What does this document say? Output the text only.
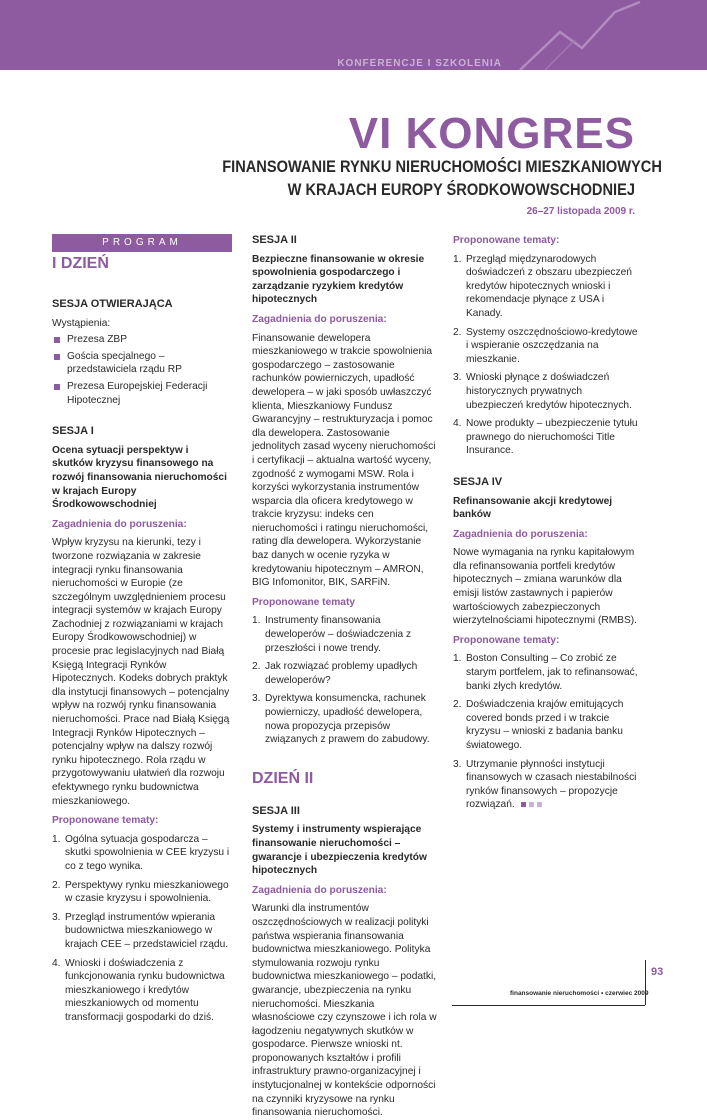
KONFERENCJE I SZKOLENIA
VI KONGRES
FINANSOWANIE RYNKU NIERUCHOMOŚCI MIESZKANIOWYCH
W KRAJACH EUROPY ŚRODKOWOWSCHODNIEJ
26–27 listopada 2009 r.
PROGRAM
I DZIEŃ
SESJA OTWIERAJĄCA

Wystąpienia:

Prezesa ZBP
Gościa specjalnego – przedstawiciela rządu RP
Prezesa Europejskiej Federacji Hipotecznej
SESJA I
Ocena sytuacji perspektyw i skutków kryzysu finansowego na rozwój finansowania nieruchomości w krajach Europy Środkowowschodniej
Zagadnienia do poruszenia:

Wpływ kryzysu na kierunki, tezy i tworzone rozwiązania w zakresie integracji rynku finansowania nieruchomości w Europie (ze szczególnym uwzględnieniem procesu integracji systemów w krajach Europy Zachodniej z rozwiązaniami w krajach Europy Środkowowschodniej) w procesie prac legislacyjnych nad Białą Księgą Integracji Rynków Hipotecznych. Kodeks dobrych praktyk dla instytucji finansowych – potencjalny wpływ na rozwój rynku finansowania nieruchomości. Prace nad Białą Księgą Integracji Rynków Hipotecznych – potencjalny wpływ na dalszy rozwój rynku hipotecznego. Rola rządu w przygotowywaniu ułatwień dla rozwoju efektywnego rynku budownictwa mieszkaniowego.

Proponowane tematy:
1. Ogólna sytuacja gospodarcza – skutki spowolnienia w CEE kryzysu i co z tego wynika.
2. Perspektywy rynku mieszkaniowego w czasie kryzysu i spowolnienia.
3. Przegląd instrumentów wpierania budownictwa mieszkaniowego w krajach CEE – przedstawiciel rządu.
4. Wnioski i doświadczenia z funkcjonowania rynku budownictwa mieszkaniowego i kredytów mieszkaniowych od momentu transformacji gospodarki do dziś.
SESJA II
Bezpieczne finansowanie w okresie spowolnienia gospodarczego i zarządzanie ryzykiem kredytów hipotecznych
Zagadnienia do poruszenia:

Finansowanie dewelopera mieszkaniowego w trakcie spowolnienia gospodarczego – zastosowanie rachunków powierniczych, upadłość dewelopera – w jaki sposób uwłaszczyć klienta, Mieszkaniowy Fundusz Gwarancyjny – restrukturyzacja i pomoc dla dewelopera. Zastosowanie jednolitych zasad wyceny nieruchomości i certyfikacji – aktualna wartość wyceny, zgodność z wymogami MSW. Rola i korzyści wykorzystania instrumentów wsparcia dla oficera kredytowego w trakcie kryzysu: indeks cen nieruchomości i ratingu nieruchomości, rating dla dewelopera. Wykorzystanie baz danych w ocenie ryzyka w kredytowaniu hipotecznym – AMRON, BIG Infomonitor, BIK, SARFiN.

Proponowane tematy
1. Instrumenty finansowania deweloperów – doświadczenia z przeszłości i nowe trendy.
2. Jak rozwiązać problemy upadłych deweloperów?
3. Dyrektywa konsumencka, rachunek powierniczy, upadłość dewelopera, nowa propozycja przepisów związanych z prawem do zabudowy.
DZIEŃ II
SESJA III
Systemy i instrumenty wspierające finansowanie nieruchomości – gwarancje i ubezpieczenia kredytów hipotecznych
Zagadnienia do poruszenia:

Warunki dla instrumentów oszczędnościowych w realizacji polityki państwa wspierania finansowania budownictwa mieszkaniowego. Polityka stymulowania rozwoju rynku budownictwa mieszkaniowego – podatki, gwarancje, ubezpieczenia na rynku nieruchomości. Mieszkania własnościowe czy czynszowe i ich rola w łagodzeniu negatywnych skutków w gospodarce. Pierwsze wnioski nt. proponowanych kształtów i profili infrastruktury prawno-organizacyjnej i instytucjonalnej w kontekście odporności na czynniki kryzysowe na rynku finansowania nieruchomości.

Proponowane tematy:
1. Przegląd międzynarodowych doświadczeń z obszaru ubezpieczeń kredytów hipotecznych wnioski i rekomendacje płynące z USA i Kanady.
2. Systemy oszczędnościowo-kredytowe i wspieranie oszczędzania na mieszkanie.
3. Wnioski płynące z doświadczeń historycznych prywatnych ubezpieczeń kredytów hipotecznych.
4. Nowe produkty – ubezpieczenie tytułu prawnego do nieruchomości Title Insurance.
SESJA IV
Refinansowanie akcji kredytowej banków
Zagadnienia do poruszenia:

Nowe wymagania na rynku kapitałowym dla refinansowania portfeli kredytów hipotecznych – zmiana warunków dla emisji listów zastawnych i papierów wartościowych zabezpieczonych wierzytelnościami hipotecznymi (RMBS).

Proponowane tematy:
1. Boston Consulting – Co zrobić ze starym portfelem, jak to refinansować, banki złych kredytów.
2. Doświadczenia krajów emitujących covered bonds przed i w trakcie kryzysu – wnioski z badania banku światowego.
3. Utrzymanie płynności instytucji finansowych w czasach niestabilności rynków finansowych – propozycje rozwiązań.
93
finansowanie nieruchomości • czerwiec 2009
